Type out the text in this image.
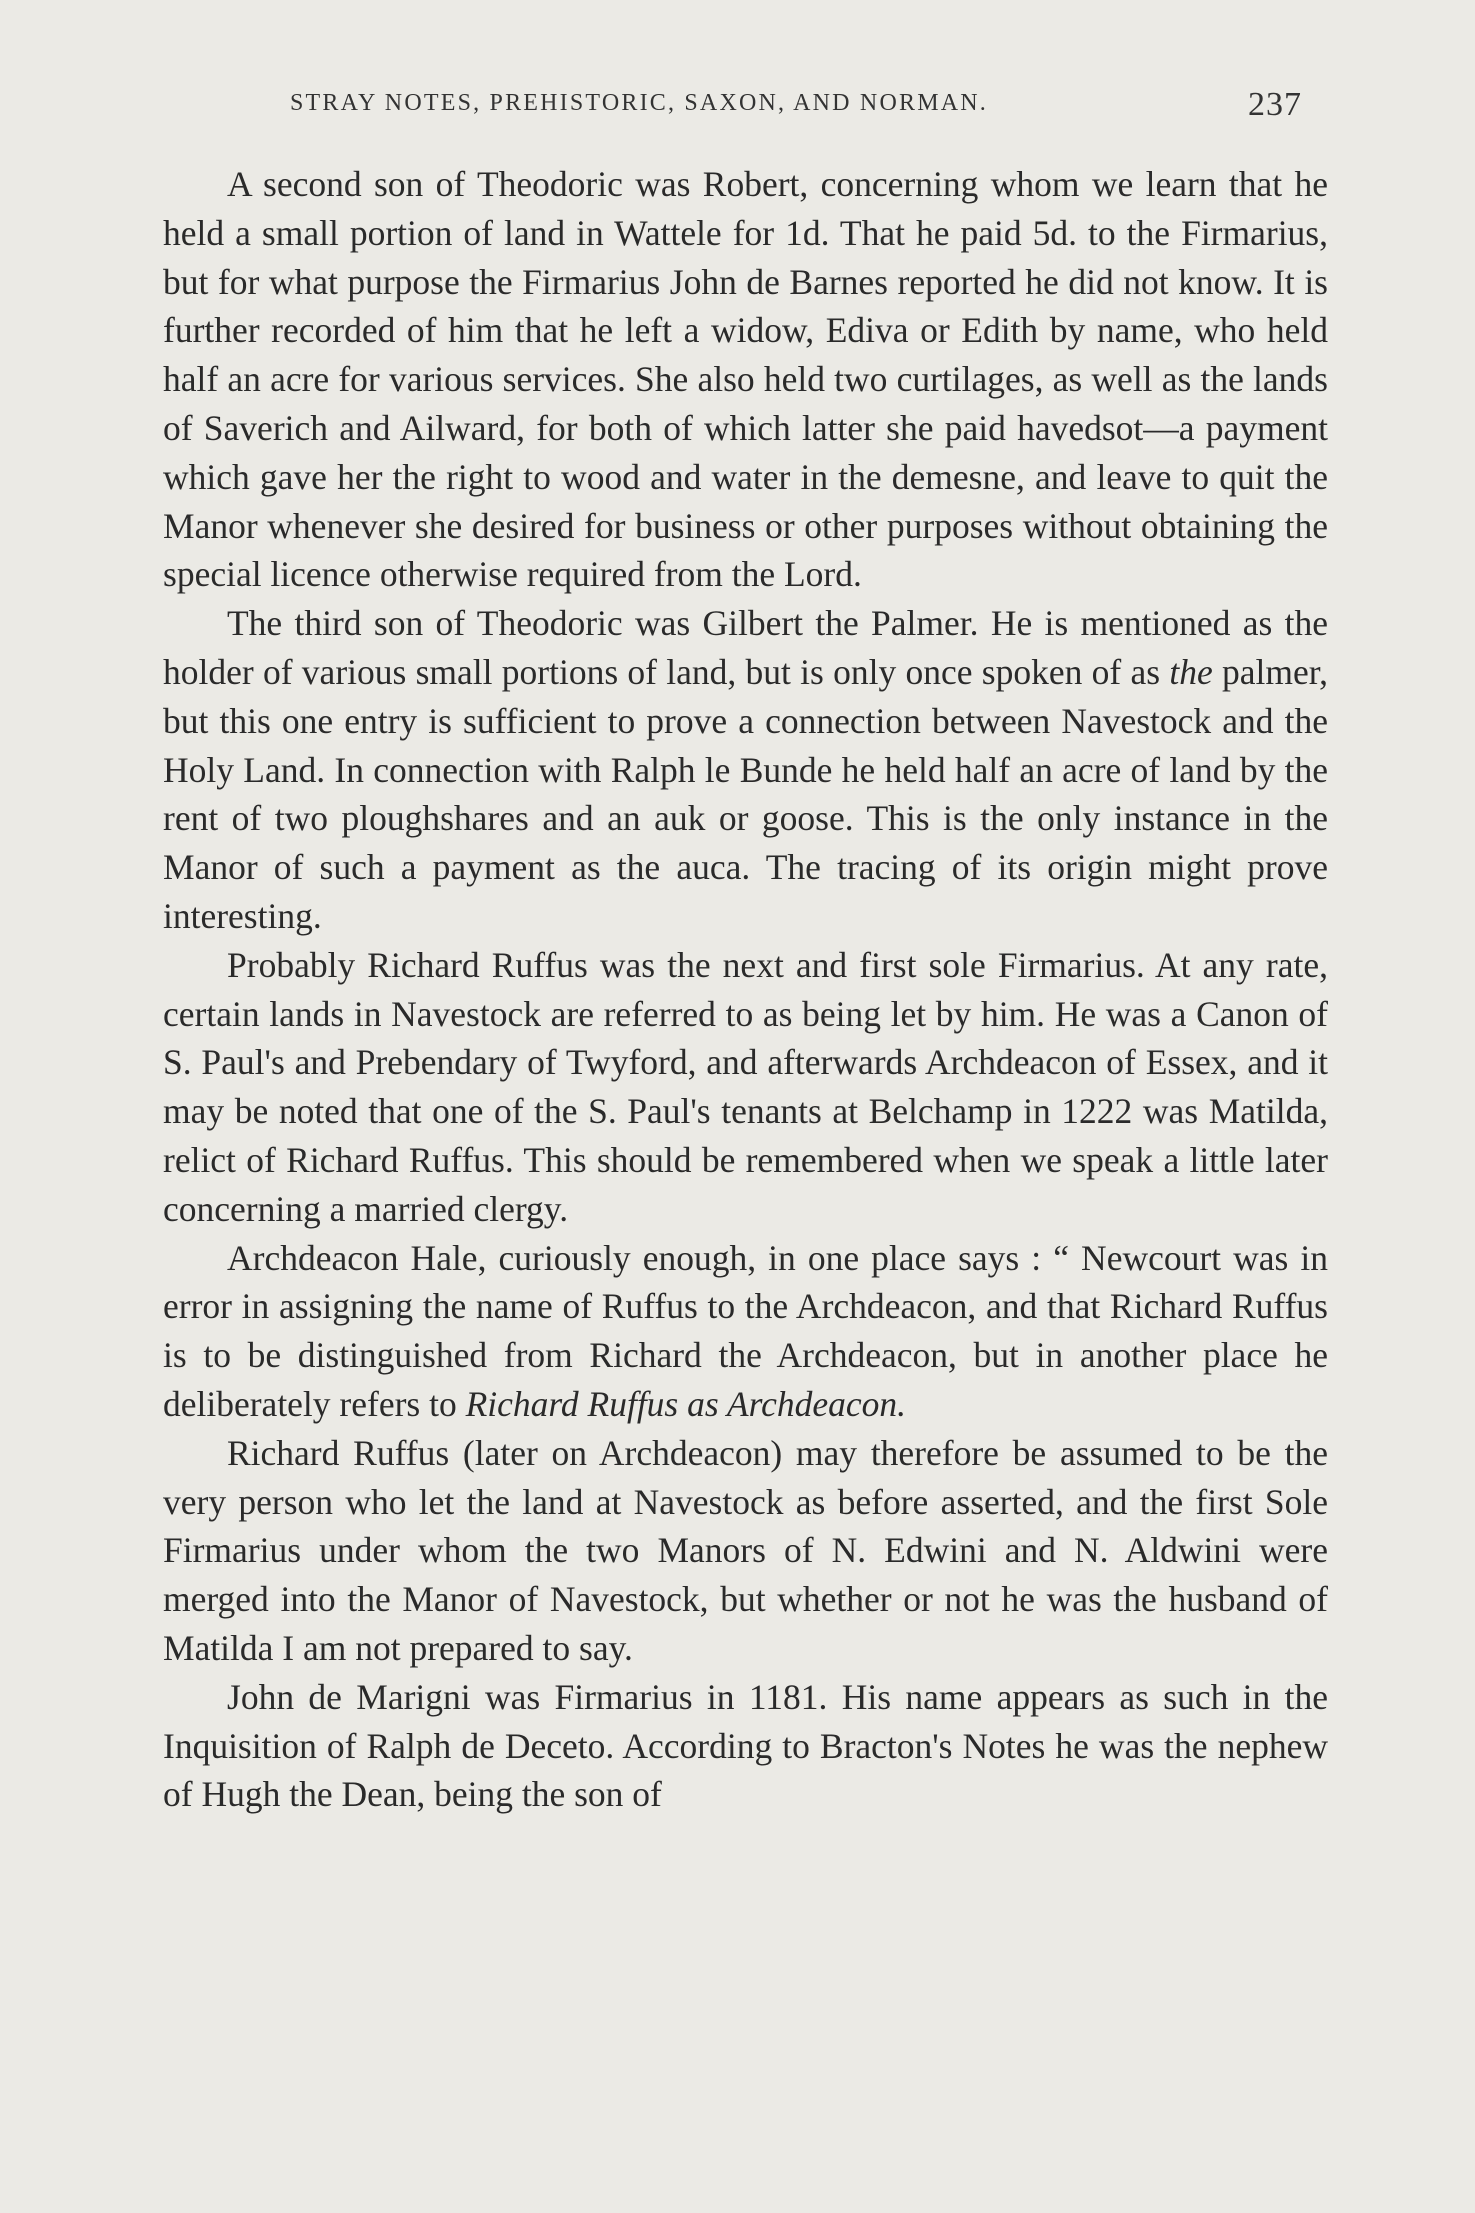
STRAY NOTES, PREHISTORIC, SAXON, AND NORMAN.	237

A second son of Theodoric was Robert, concerning whom we learn that he held a small portion of land in Wattele for 1d. That he paid 5d. to the Firmarius, but for what purpose the Firmarius John de Barnes reported he did not know. It is further recorded of him that he left a widow, Ediva or Edith by name, who held half an acre for various services. She also held two curtilages, as well as the lands of Saverich and Ailward, for both of which latter she paid havedsot—a payment which gave her the right to wood and water in the demesne, and leave to quit the Manor whenever she desired for business or other purposes without obtaining the special licence otherwise required from the Lord.

The third son of Theodoric was Gilbert the Palmer. He is mentioned as the holder of various small portions of land, but is only once spoken of as the palmer, but this one entry is sufficient to prove a connection between Navestock and the Holy Land. In connection with Ralph le Bunde he held half an acre of land by the rent of two ploughshares and an auk or goose. This is the only instance in the Manor of such a payment as the auca. The tracing of its origin might prove interesting.

Probably Richard Ruffus was the next and first sole Firmarius. At any rate, certain lands in Navestock are referred to as being let by him. He was a Canon of S. Paul's and Prebendary of Twyford, and afterwards Archdeacon of Essex, and it may be noted that one of the S. Paul's tenants at Belchamp in 1222 was Matilda, relict of Richard Ruffus. This should be remembered when we speak a little later concerning a married clergy.

Archdeacon Hale, curiously enough, in one place says : “ Newcourt was in error in assigning the name of Ruffus to the Archdeacon, and that Richard Ruffus is to be distinguished from Richard the Archdeacon, but in another place he deliberately refers to Richard Ruffus as Archdeacon.

Richard Ruffus (later on Archdeacon) may therefore be assumed to be the very person who let the land at Navestock as before asserted, and the first Sole Firmarius under whom the two Manors of N. Edwini and N. Aldwini were merged into the Manor of Navestock, but whether or not he was the husband of Matilda I am not prepared to say.

John de Marigni was Firmarius in 1181. His name appears as such in the Inquisition of Ralph de Deceto. According to Bracton's Notes he was the nephew of Hugh the Dean, being the son of
